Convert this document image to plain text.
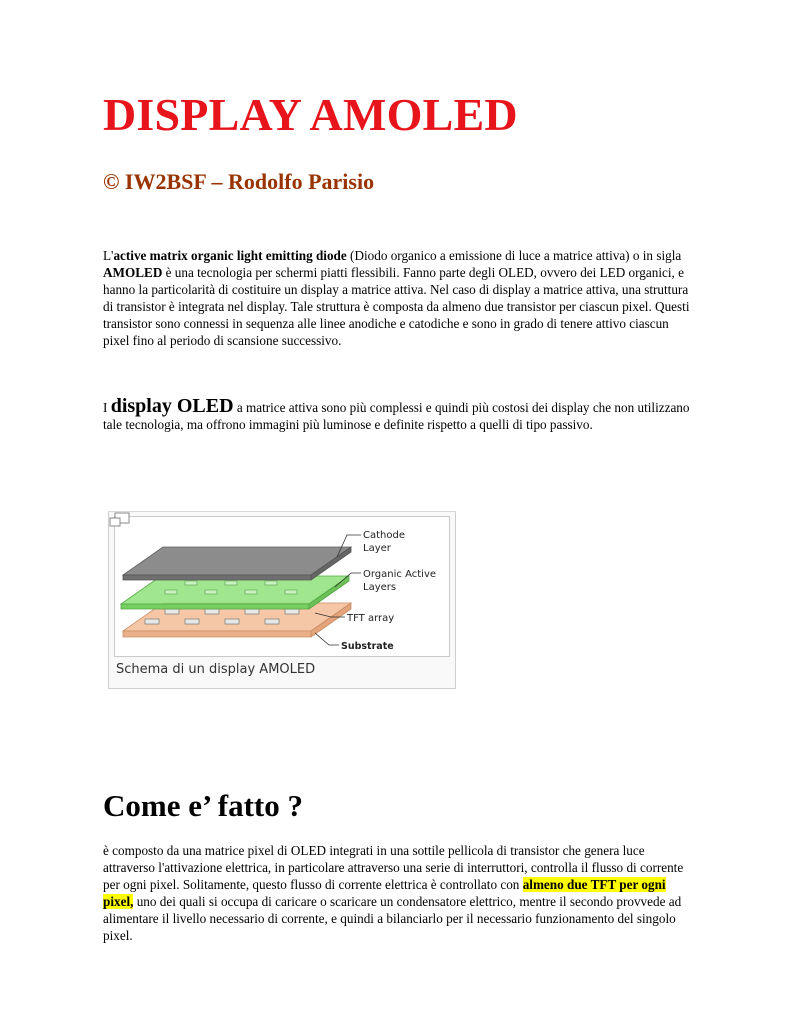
DISPLAY AMOLED
© IW2BSF – Rodolfo Parisio

L'active matrix organic light emitting diode (Diodo organico a emissione di luce a matrice attiva) o in sigla AMOLED è una tecnologia per schermi piatti flessibili. Fanno parte degli OLED, ovvero dei LED organici, e hanno la particolarità di costituire un display a matrice attiva. Nel caso di display a matrice attiva, una struttura di transistor è integrata nel display. Tale struttura è composta da almeno due transistor per ciascun pixel. Questi transistor sono connessi in sequenza alle linee anodiche e catodiche e sono in grado di tenere attivo ciascun pixel fino al periodo di scansione successivo.

I display OLED a matrice attiva sono più complessi e quindi più costosi dei display che non utilizzano tale tecnologia, ma offrono immagini più luminose e definite rispetto a quelli di tipo passivo.

Cathode
Layer
Organic Active
Layers
TFT array
Substrate
Schema di un display AMOLED
Come e’ fatto ?

è composto da una matrice pixel di OLED integrati in una sottile pellicola di transistor che genera luce attraverso l'attivazione elettrica, in particolare attraverso una serie di interruttori, controlla il flusso di corrente per ogni pixel. Solitamente, questo flusso di corrente elettrica è controllato con almeno due TFT per ogni pixel, uno dei quali si occupa di caricare o scaricare un condensatore elettrico, mentre il secondo provvede ad alimentare il livello necessario di corrente, e quindi a bilanciarlo per il necessario funzionamento del singolo pixel.
